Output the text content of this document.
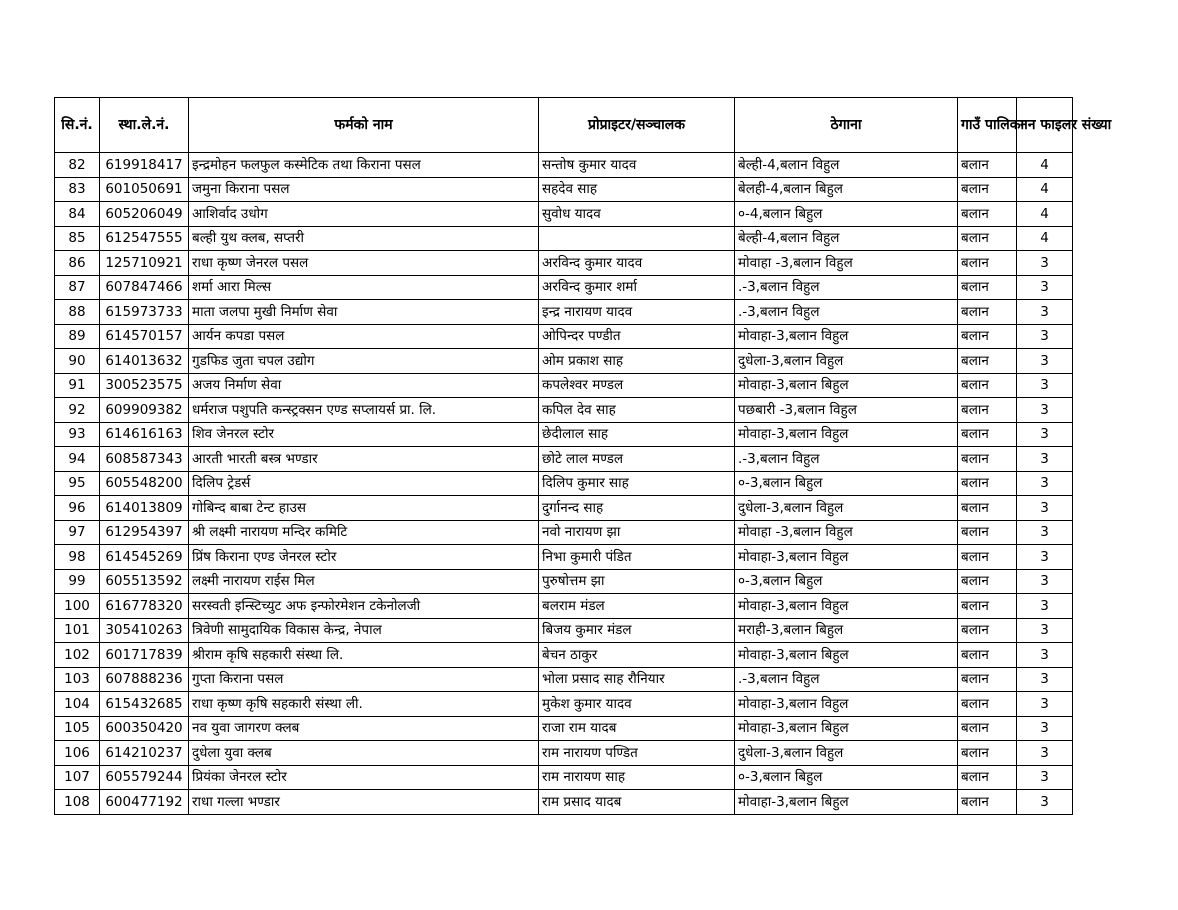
सि.नं.	स्था.ले.नं.	फर्मको नाम	प्रोप्राइटर/सञ्चालक	ठेगाना	गाउँ पालिका	नन फाइलर संख्या
82	619918417	इन्द्रमोहन फलफुल कस्मेटिक तथा किराना पसल	सन्तोष कुमार यादव	बेल्ही-4,बलान विहुल	बलान	4
83	601050691	जमुना किराना पसल	सहदेव साह	बेलही-4,बलान बिहुल	बलान	4
84	605206049	आशिर्वाद उधोग	सुवोध यादव	०-4,बलान बिहुल	बलान	4
85	612547555	बल्ही युथ क्लब, सप्तरी		बेल्ही-4,बलान विहुल	बलान	4
86	125710921	राधा कृष्ण जेनरल पसल	अरविन्द कुमार यादव	मोवाहा -3,बलान विहुल	बलान	3
87	607847466	शर्मा आरा मिल्स	अरविन्द कुमार शर्मा	.-3,बलान विहुल	बलान	3
88	615973733	माता जलपा मुखी निर्माण सेवा	इन्द्र नारायण यादव	.-3,बलान विहुल	बलान	3
89	614570157	आर्यन कपडा पसल	ओपिन्दर पण्डीत	मोवाहा-3,बलान विहुल	बलान	3
90	614013632	गुडफिड जुता चपल उद्योग	ओम प्रकाश साह	दुधेला-3,बलान विहुल	बलान	3
91	300523575	अजय निर्माण सेवा	कपलेश्वर मण्डल	मोवाहा-3,बलान बिहुल	बलान	3
92	609909382	धर्मराज पशुपति कन्स्ट्रक्सन एण्ड सप्लायर्स प्रा. लि.	कपिल देव साह	पछबारी -3,बलान विहुल	बलान	3
93	614616163	शिव जेनरल स्टोर	छेदीलाल साह	मोवाहा-3,बलान विहुल	बलान	3
94	608587343	आरती भारती बस्त्र भण्डार	छोटे लाल मण्डल	.-3,बलान विहुल	बलान	3
95	605548200	दिलिप ट्रेडर्स	दिलिप कुमार साह	०-3,बलान बिहुल	बलान	3
96	614013809	गोबिन्द बाबा टेन्ट हाउस	दुर्गानन्द साह	दुधेला-3,बलान विहुल	बलान	3
97	612954397	श्री लक्ष्मी नारायण मन्दिर कमिटि	नवो नारायण झा	मोवाहा -3,बलान विहुल	बलान	3
98	614545269	प्रिंष किराना एण्ड जेनरल स्टोर	निभा कुमारी पंडित	मोवाहा-3,बलान विहुल	बलान	3
99	605513592	लक्ष्मी नारायण राईस मिल	पुरुषोत्तम झा	०-3,बलान बिहुल	बलान	3
100	616778320	सरस्वती इन्स्टिच्युट अफ इन्फोरमेशन टकेनोलजी	बलराम मंडल	मोवाहा-3,बलान विहुल	बलान	3
101	305410263	त्रिवेणी सामुदायिक विकास केन्द्र, नेपाल	बिजय कुमार मंडल	मराही-3,बलान बिहुल	बलान	3
102	601717839	श्रीराम कृषि सहकारी संस्था लि.	बेचन ठाकुर	मोवाहा-3,बलान बिहुल	बलान	3
103	607888236	गुप्ता किराना पसल	भोला प्रसाद साह रौनियार	.-3,बलान विहुल	बलान	3
104	615432685	राधा कृष्ण कृषि सहकारी संस्था ली.	मुकेश कुमार यादव	मोवाहा-3,बलान विहुल	बलान	3
105	600350420	नव युवा जागरण क्लब	राजा राम यादब	मोवाहा-3,बलान बिहुल	बलान	3
106	614210237	दुधेला युवा क्लब	राम नारायण पण्डित	दुधेला-3,बलान विहुल	बलान	3
107	605579244	प्रियंका जेनरल स्टोर	राम नारायण साह	०-3,बलान बिहुल	बलान	3
108	600477192	राधा गल्ला भण्डार	राम प्रसाद यादब	मोवाहा-3,बलान बिहुल	बलान	3
